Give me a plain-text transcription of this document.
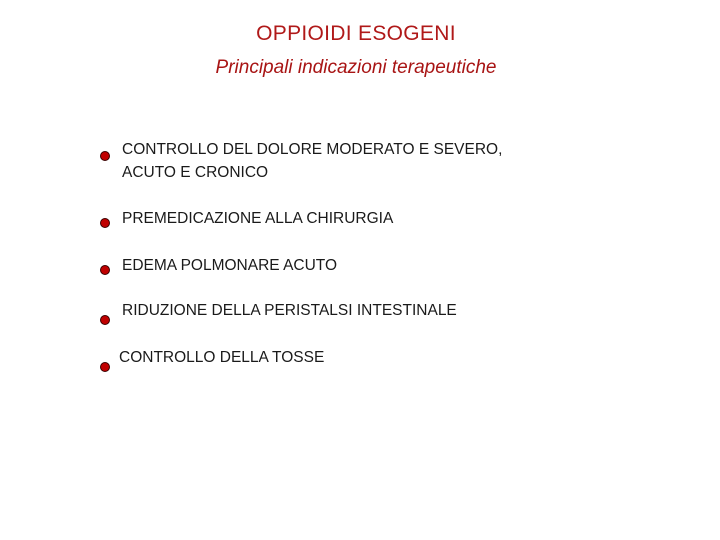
OPPIOIDI ESOGENI
Principali indicazioni terapeutiche
CONTROLLO DEL DOLORE MODERATO E SEVERO,
ACUTO E CRONICO
PREMEDICAZIONE ALLA CHIRURGIA
EDEMA POLMONARE ACUTO
RIDUZIONE DELLA PERISTALSI INTESTINALE
CONTROLLO DELLA TOSSE
